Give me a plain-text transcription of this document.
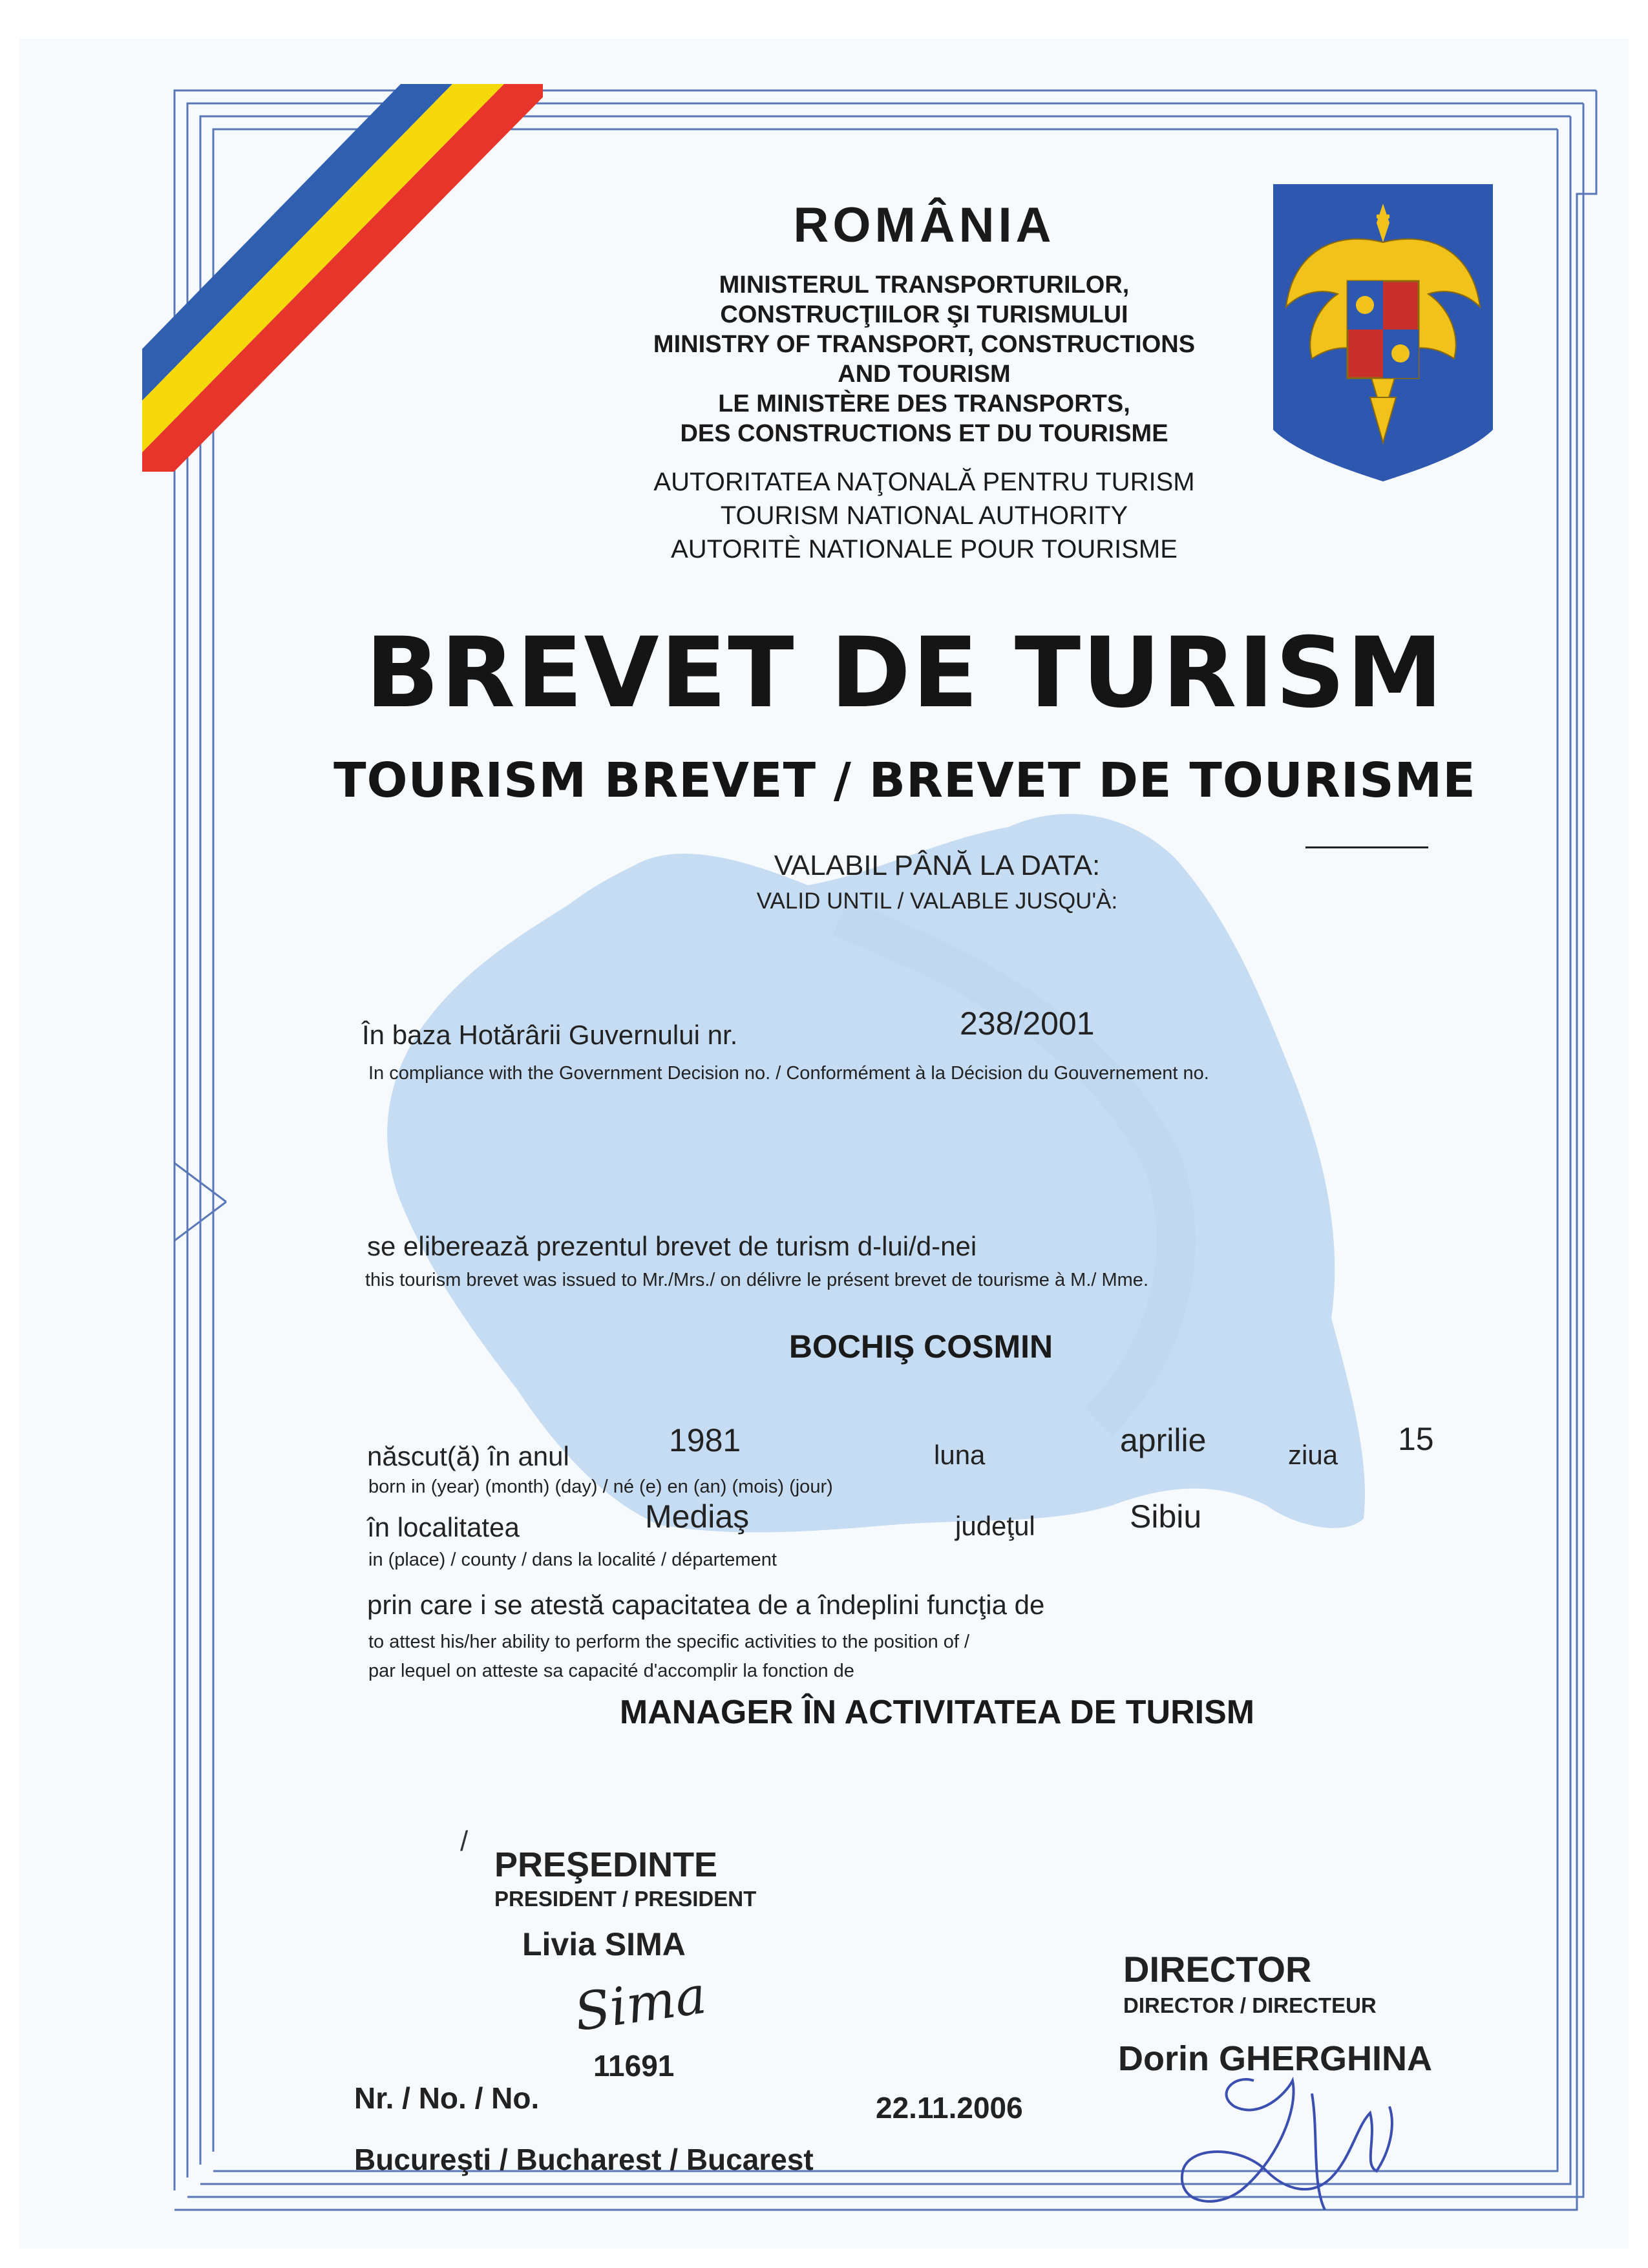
ROMÂNIA
MINISTERUL TRANSPORTURILOR,
CONSTRUCŢIILOR ŞI TURISMULUI
MINISTRY OF TRANSPORT, CONSTRUCTIONS
AND TOURISM
LE MINISTÈRE DES TRANSPORTS,
DES CONSTRUCTIONS ET DU TOURISME
AUTORITATEA NAŢONALĂ PENTRU TURISM
TOURISM NATIONAL AUTHORITY
AUTORITÈ NATIONALE POUR TOURISME
BREVET DE TURISM
TOURISM BREVET / BREVET DE TOURISME
VALABIL PÂNĂ LA DATA:
VALID UNTIL / VALABLE JUSQU'À:
În baza Hotărârii Guvernului nr.	238/2001
In compliance with the Government Decision no. / Conformément à la Décision du Gouvernement no.
se eliberează prezentul brevet de turism d-lui/d-nei
this tourism brevet was issued to Mr./Mrs./ on délivre le présent brevet de tourisme à M./ Mme.
BOCHIŞ COSMIN
născut(ă) în anul	1981	luna	aprilie	ziua 15
born in (year) (month) (day) / né (e) en (an) (mois) (jour)
în localitatea	Mediaş	judeţul	Sibiu
in (place) / county / dans la localité / département
prin care i se atestă capacitatea de a îndeplini funcţia de
to attest his/her ability to perform the specific activities to the position of /
par lequel on atteste sa capacité d'accomplir la fonction de
MANAGER ÎN ACTIVITATEA DE TURISM
/
PREŞEDINTE
PRESIDENT / PRESIDENT
Livia SIMA
Sima
11691
Nr. / No. / No.	22.11.2006
Bucureşti / Bucharest / Bucarest
DIRECTOR
DIRECTOR / DIRECTEUR
Dorin GHERGHINA
